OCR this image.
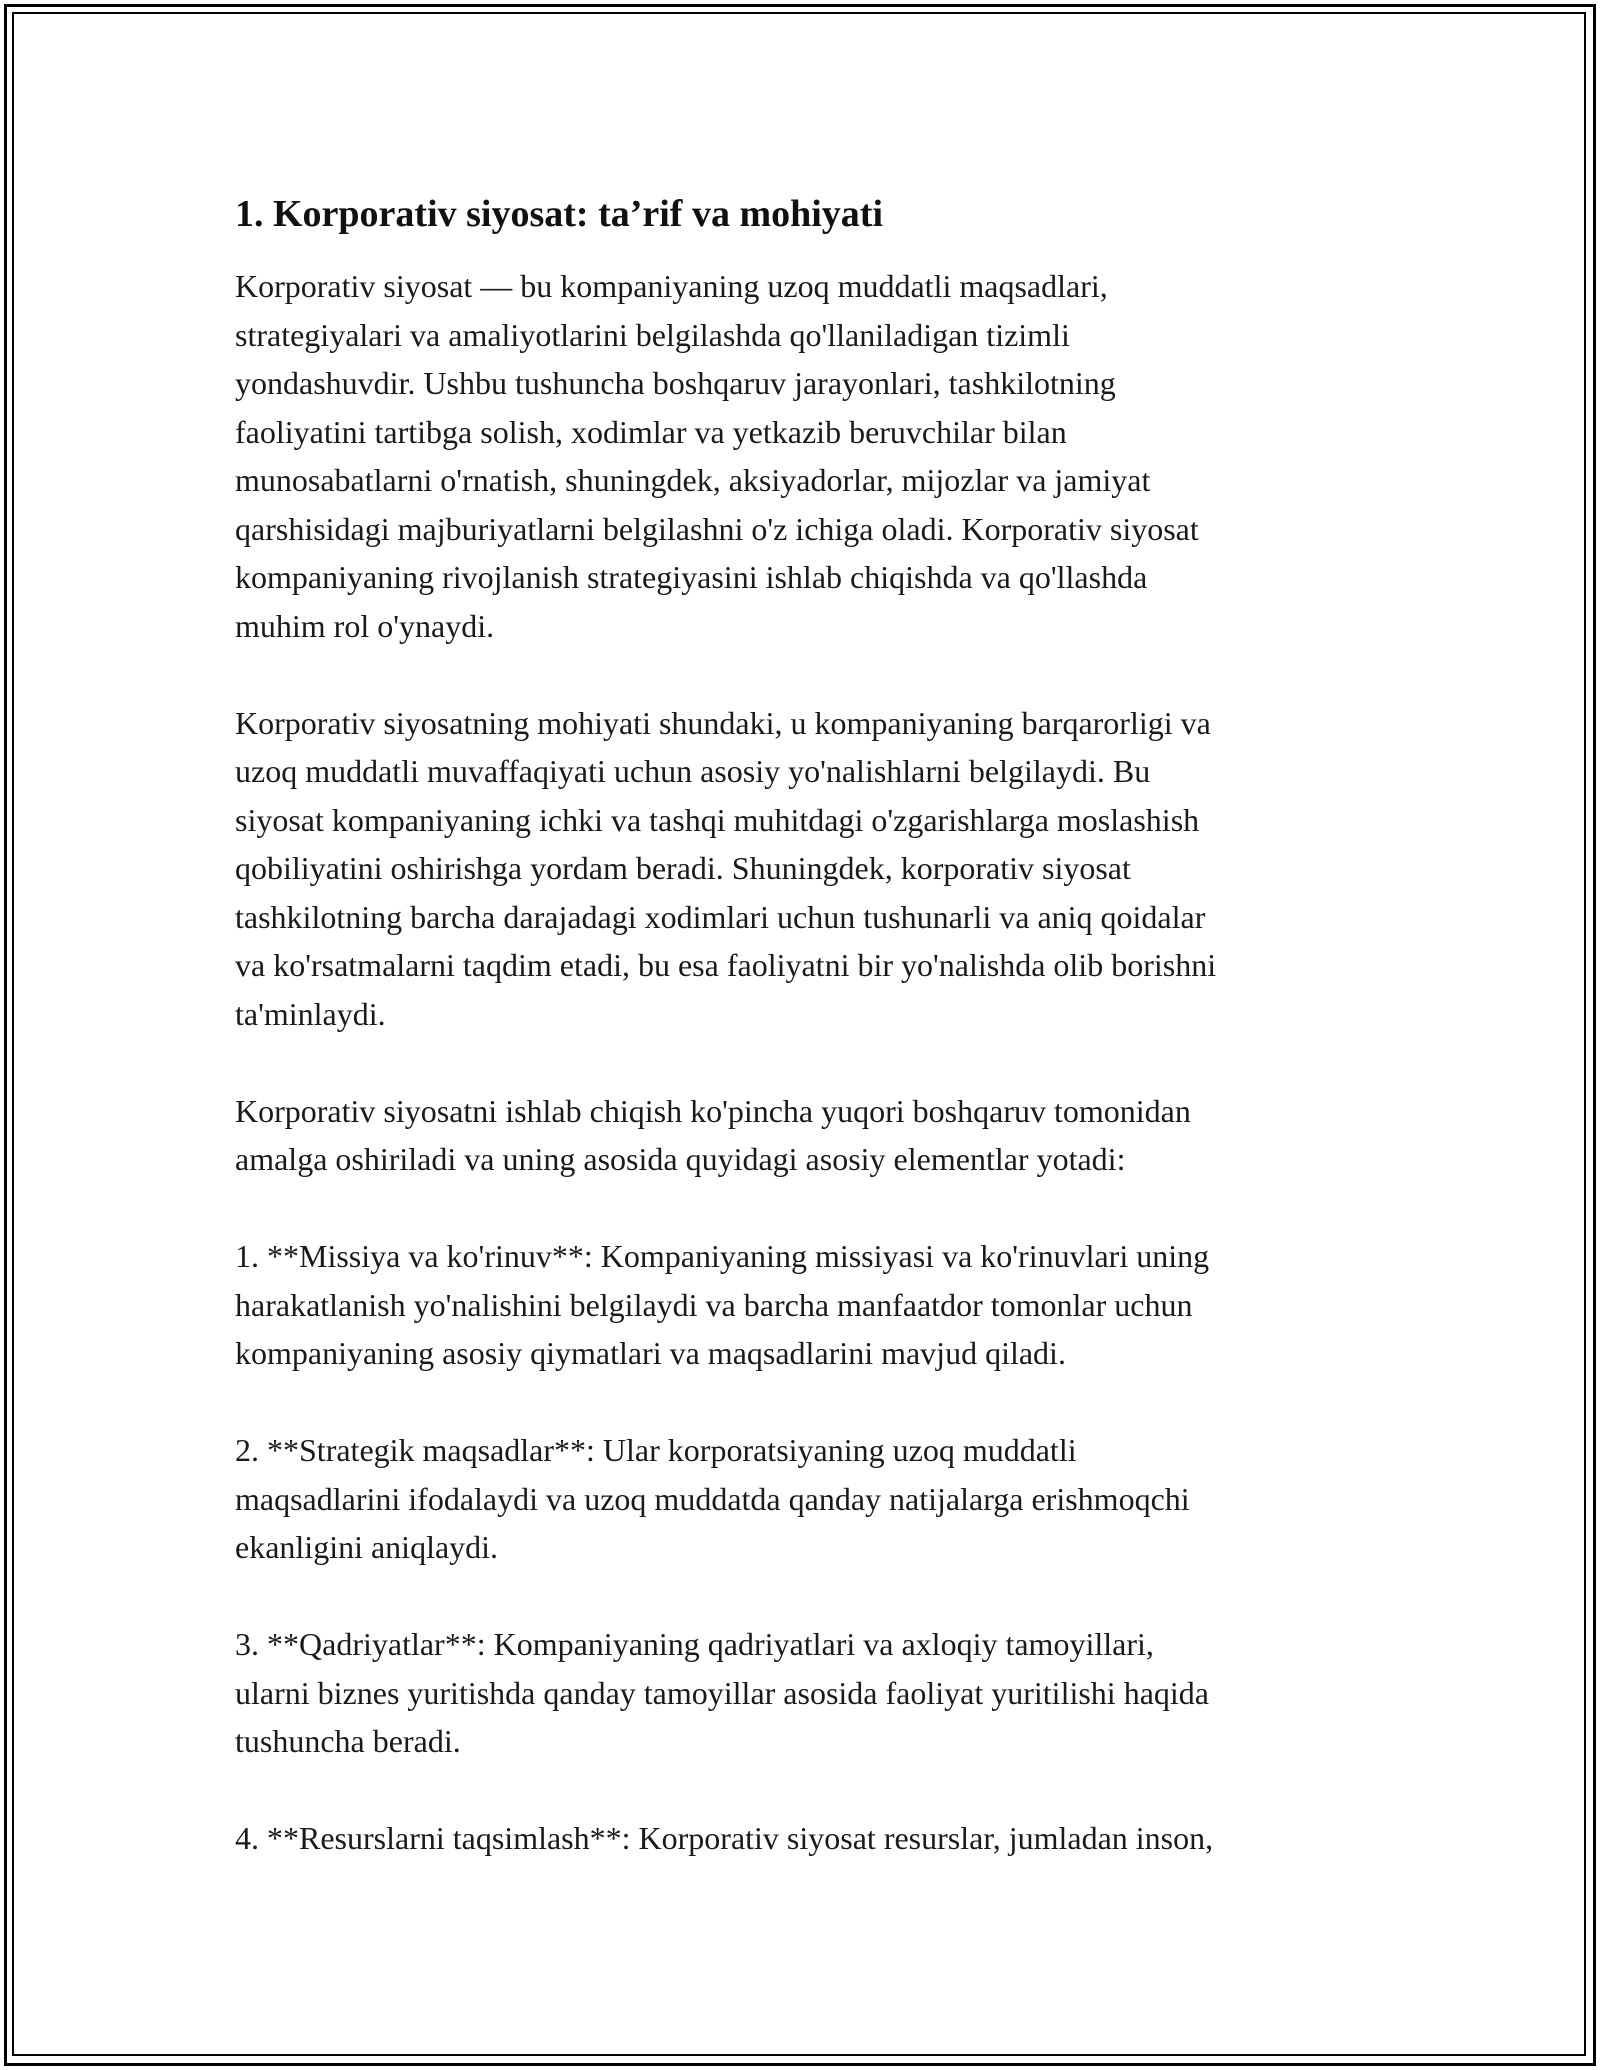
1. Korporativ siyosat: ta’rif va mohiyati

Korporativ siyosat — bu kompaniyaning uzoq muddatli maqsadlari,
strategiyalari va amaliyotlarini belgilashda qo'llaniladigan tizimli
yondashuvdir. Ushbu tushuncha boshqaruv jarayonlari, tashkilotning
faoliyatini tartibga solish, xodimlar va yetkazib beruvchilar bilan
munosabatlarni o'rnatish, shuningdek, aksiyadorlar, mijozlar va jamiyat
qarshisidagi majburiyatlarni belgilashni o'z ichiga oladi. Korporativ siyosat
kompaniyaning rivojlanish strategiyasini ishlab chiqishda va qo'llashda
muhim rol o'ynaydi.

Korporativ siyosatning mohiyati shundaki, u kompaniyaning barqarorligi va
uzoq muddatli muvaffaqiyati uchun asosiy yo'nalishlarni belgilaydi. Bu
siyosat kompaniyaning ichki va tashqi muhitdagi o'zgarishlarga moslashish
qobiliyatini oshirishga yordam beradi. Shuningdek, korporativ siyosat
tashkilotning barcha darajadagi xodimlari uchun tushunarli va aniq qoidalar
va ko'rsatmalarni taqdim etadi, bu esa faoliyatni bir yo'nalishda olib borishni
ta'minlaydi.

Korporativ siyosatni ishlab chiqish ko'pincha yuqori boshqaruv tomonidan
amalga oshiriladi va uning asosida quyidagi asosiy elementlar yotadi:

1. **Missiya va ko'rinuv**: Kompaniyaning missiyasi va ko'rinuvlari uning
harakatlanish yo'nalishini belgilaydi va barcha manfaatdor tomonlar uchun
kompaniyaning asosiy qiymatlari va maqsadlarini mavjud qiladi.

2. **Strategik maqsadlar**: Ular korporatsiyaning uzoq muddatli
maqsadlarini ifodalaydi va uzoq muddatda qanday natijalarga erishmoqchi
ekanligini aniqlaydi.

3. **Qadriyatlar**: Kompaniyaning qadriyatlari va axloqiy tamoyillari,
ularni biznes yuritishda qanday tamoyillar asosida faoliyat yuritilishi haqida
tushuncha beradi.

4. **Resurslarni taqsimlash**: Korporativ siyosat resurslar, jumladan inson,
